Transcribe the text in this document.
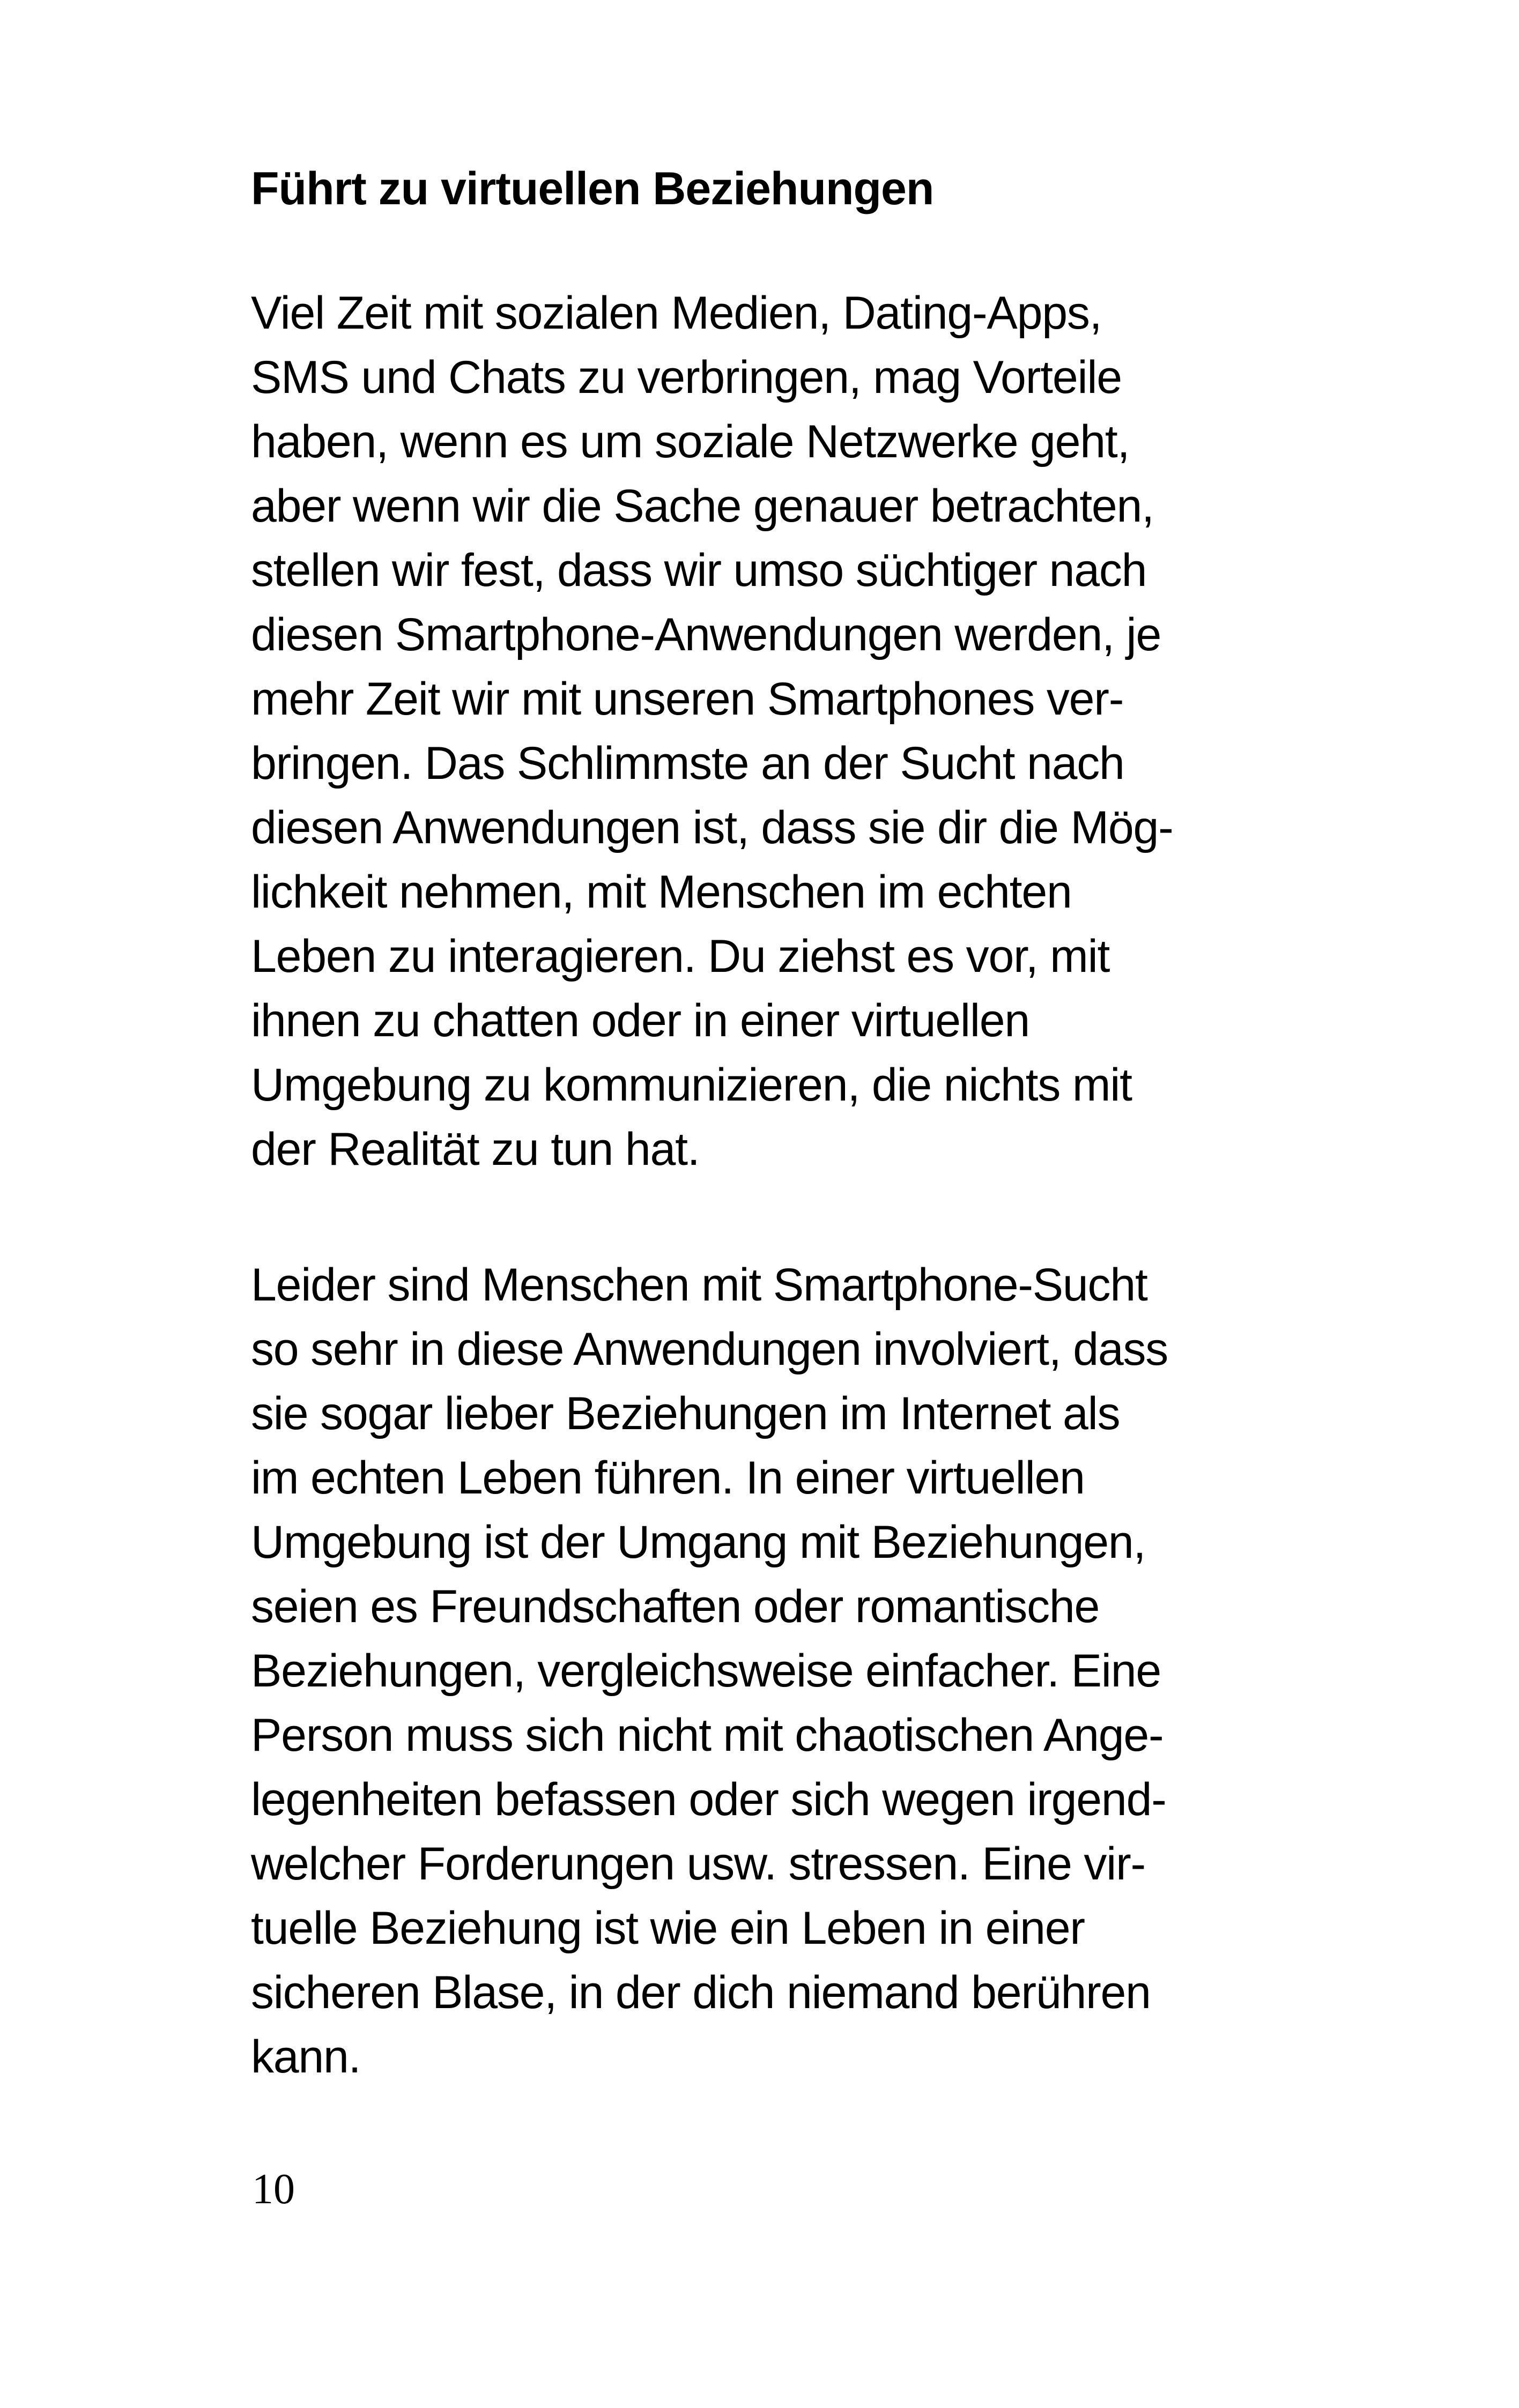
Führt zu virtuellen Beziehungen

Viel Zeit mit sozialen Medien, Dating-Apps,
SMS und Chats zu verbringen, mag Vorteile
haben, wenn es um soziale Netzwerke geht,
aber wenn wir die Sache genauer betrachten,
stellen wir fest, dass wir umso süchtiger nach
diesen Smartphone-Anwendungen werden, je
mehr Zeit wir mit unseren Smartphones ver-
bringen. Das Schlimmste an der Sucht nach
diesen Anwendungen ist, dass sie dir die Mög-
lichkeit nehmen, mit Menschen im echten
Leben zu interagieren. Du ziehst es vor, mit
ihnen zu chatten oder in einer virtuellen
Umgebung zu kommunizieren, die nichts mit
der Realität zu tun hat.

Leider sind Menschen mit Smartphone-Sucht
so sehr in diese Anwendungen involviert, dass
sie sogar lieber Beziehungen im Internet als
im echten Leben führen. In einer virtuellen
Umgebung ist der Umgang mit Beziehungen,
seien es Freundschaften oder romantische
Beziehungen, vergleichsweise einfacher. Eine
Person muss sich nicht mit chaotischen Ange-
legenheiten befassen oder sich wegen irgend-
welcher Forderungen usw. stressen. Eine vir-
tuelle Beziehung ist wie ein Leben in einer
sicheren Blase, in der dich niemand berühren
kann.

10
